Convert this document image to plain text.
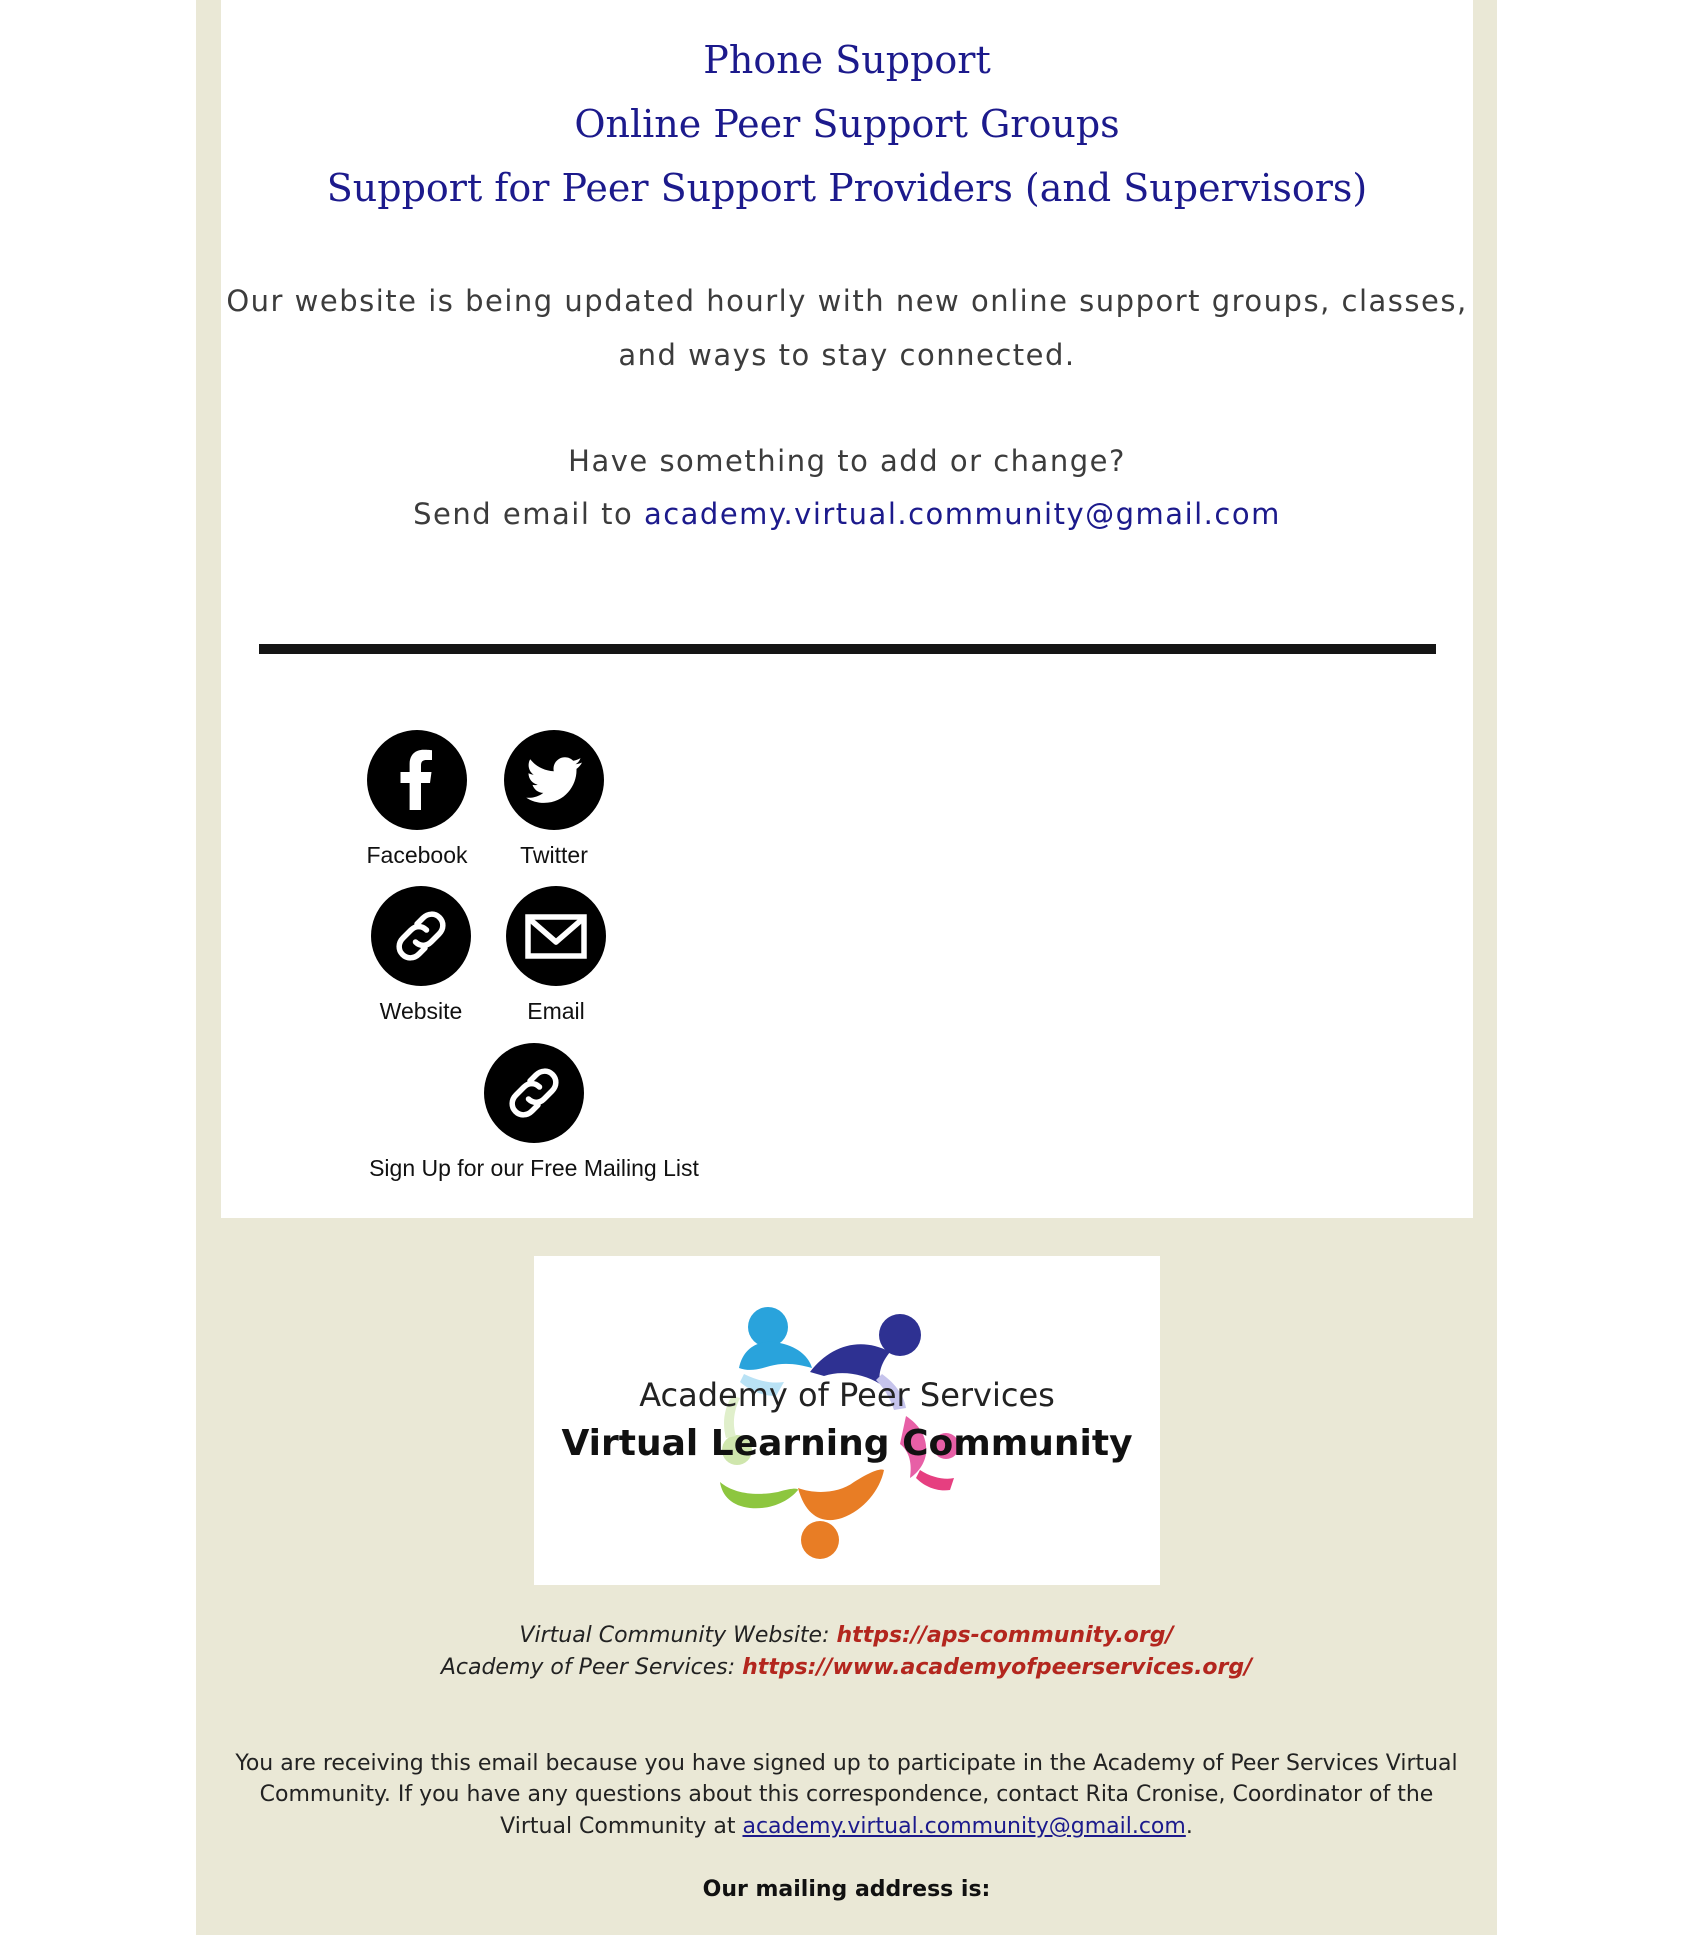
Phone Support
Online Peer Support Groups
Support for Peer Support Providers (and Supervisors)
Our website is being updated hourly with new online support groups, classes,
and ways to stay connected.
Have something to add or change?
Send email to academy.virtual.community@gmail.com
Facebook Twitter
Website	Email
Sign Up for our Free Mailing List
Academy of Peer Services
Virtual Learning Community
Virtual Community Website: https://aps-community.org/
Academy of Peer Services: https://www.academyofpeerservices.org/
You are receiving this email because you have signed up to participate in the Academy of Peer Services Virtual
Community. If you have any questions about this correspondence, contact Rita Cronise, Coordinator of the
Virtual Community at academy.virtual.community@gmail.com.
Our mailing address is:
